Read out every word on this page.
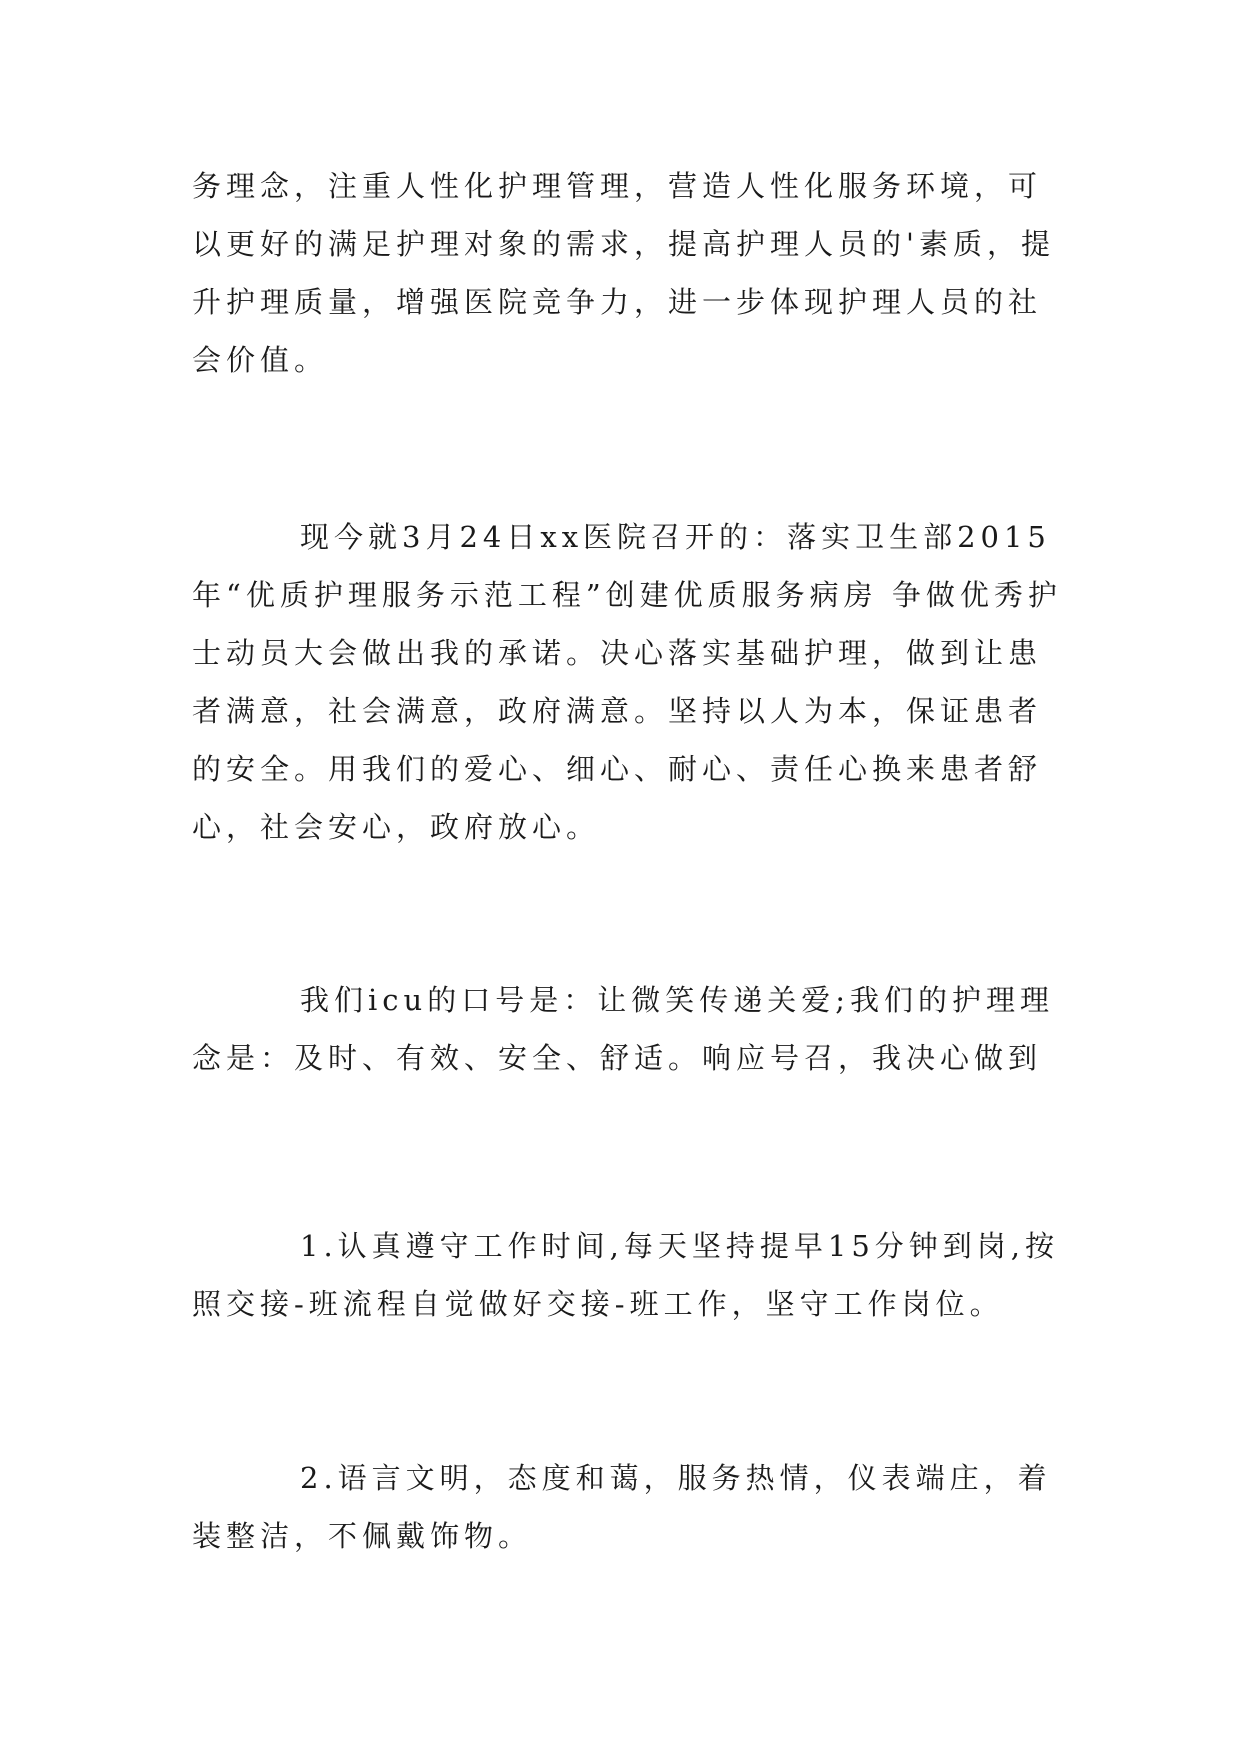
务理念，注重人性化护理管理，营造人性化服务环境，可以更好的满足护理对象的需求，提高护理人员的'素质，提升护理质量，增强医院竞争力，进一步体现护理人员的社会价值。

现今就3月24日xx医院召开的：落实卫生部2015年“优质护理服务示范工程”创建优质服务病房 争做优秀护士动员大会做出我的承诺。决心落实基础护理，做到让患者满意，社会满意，政府满意。坚持以人为本，保证患者的安全。用我们的爱心、细心、耐心、责任心换来患者舒心，社会安心，政府放心。

我们icu的口号是：让微笑传递关爱;我们的护理理念是：及时、有效、安全、舒适。响应号召，我决心做到

1.认真遵守工作时间,每天坚持提早15分钟到岗,按照交接-班流程自觉做好交接-班工作，坚守工作岗位。

2.语言文明，态度和蔼，服务热情，仪表端庄，着装整洁，不佩戴饰物。
